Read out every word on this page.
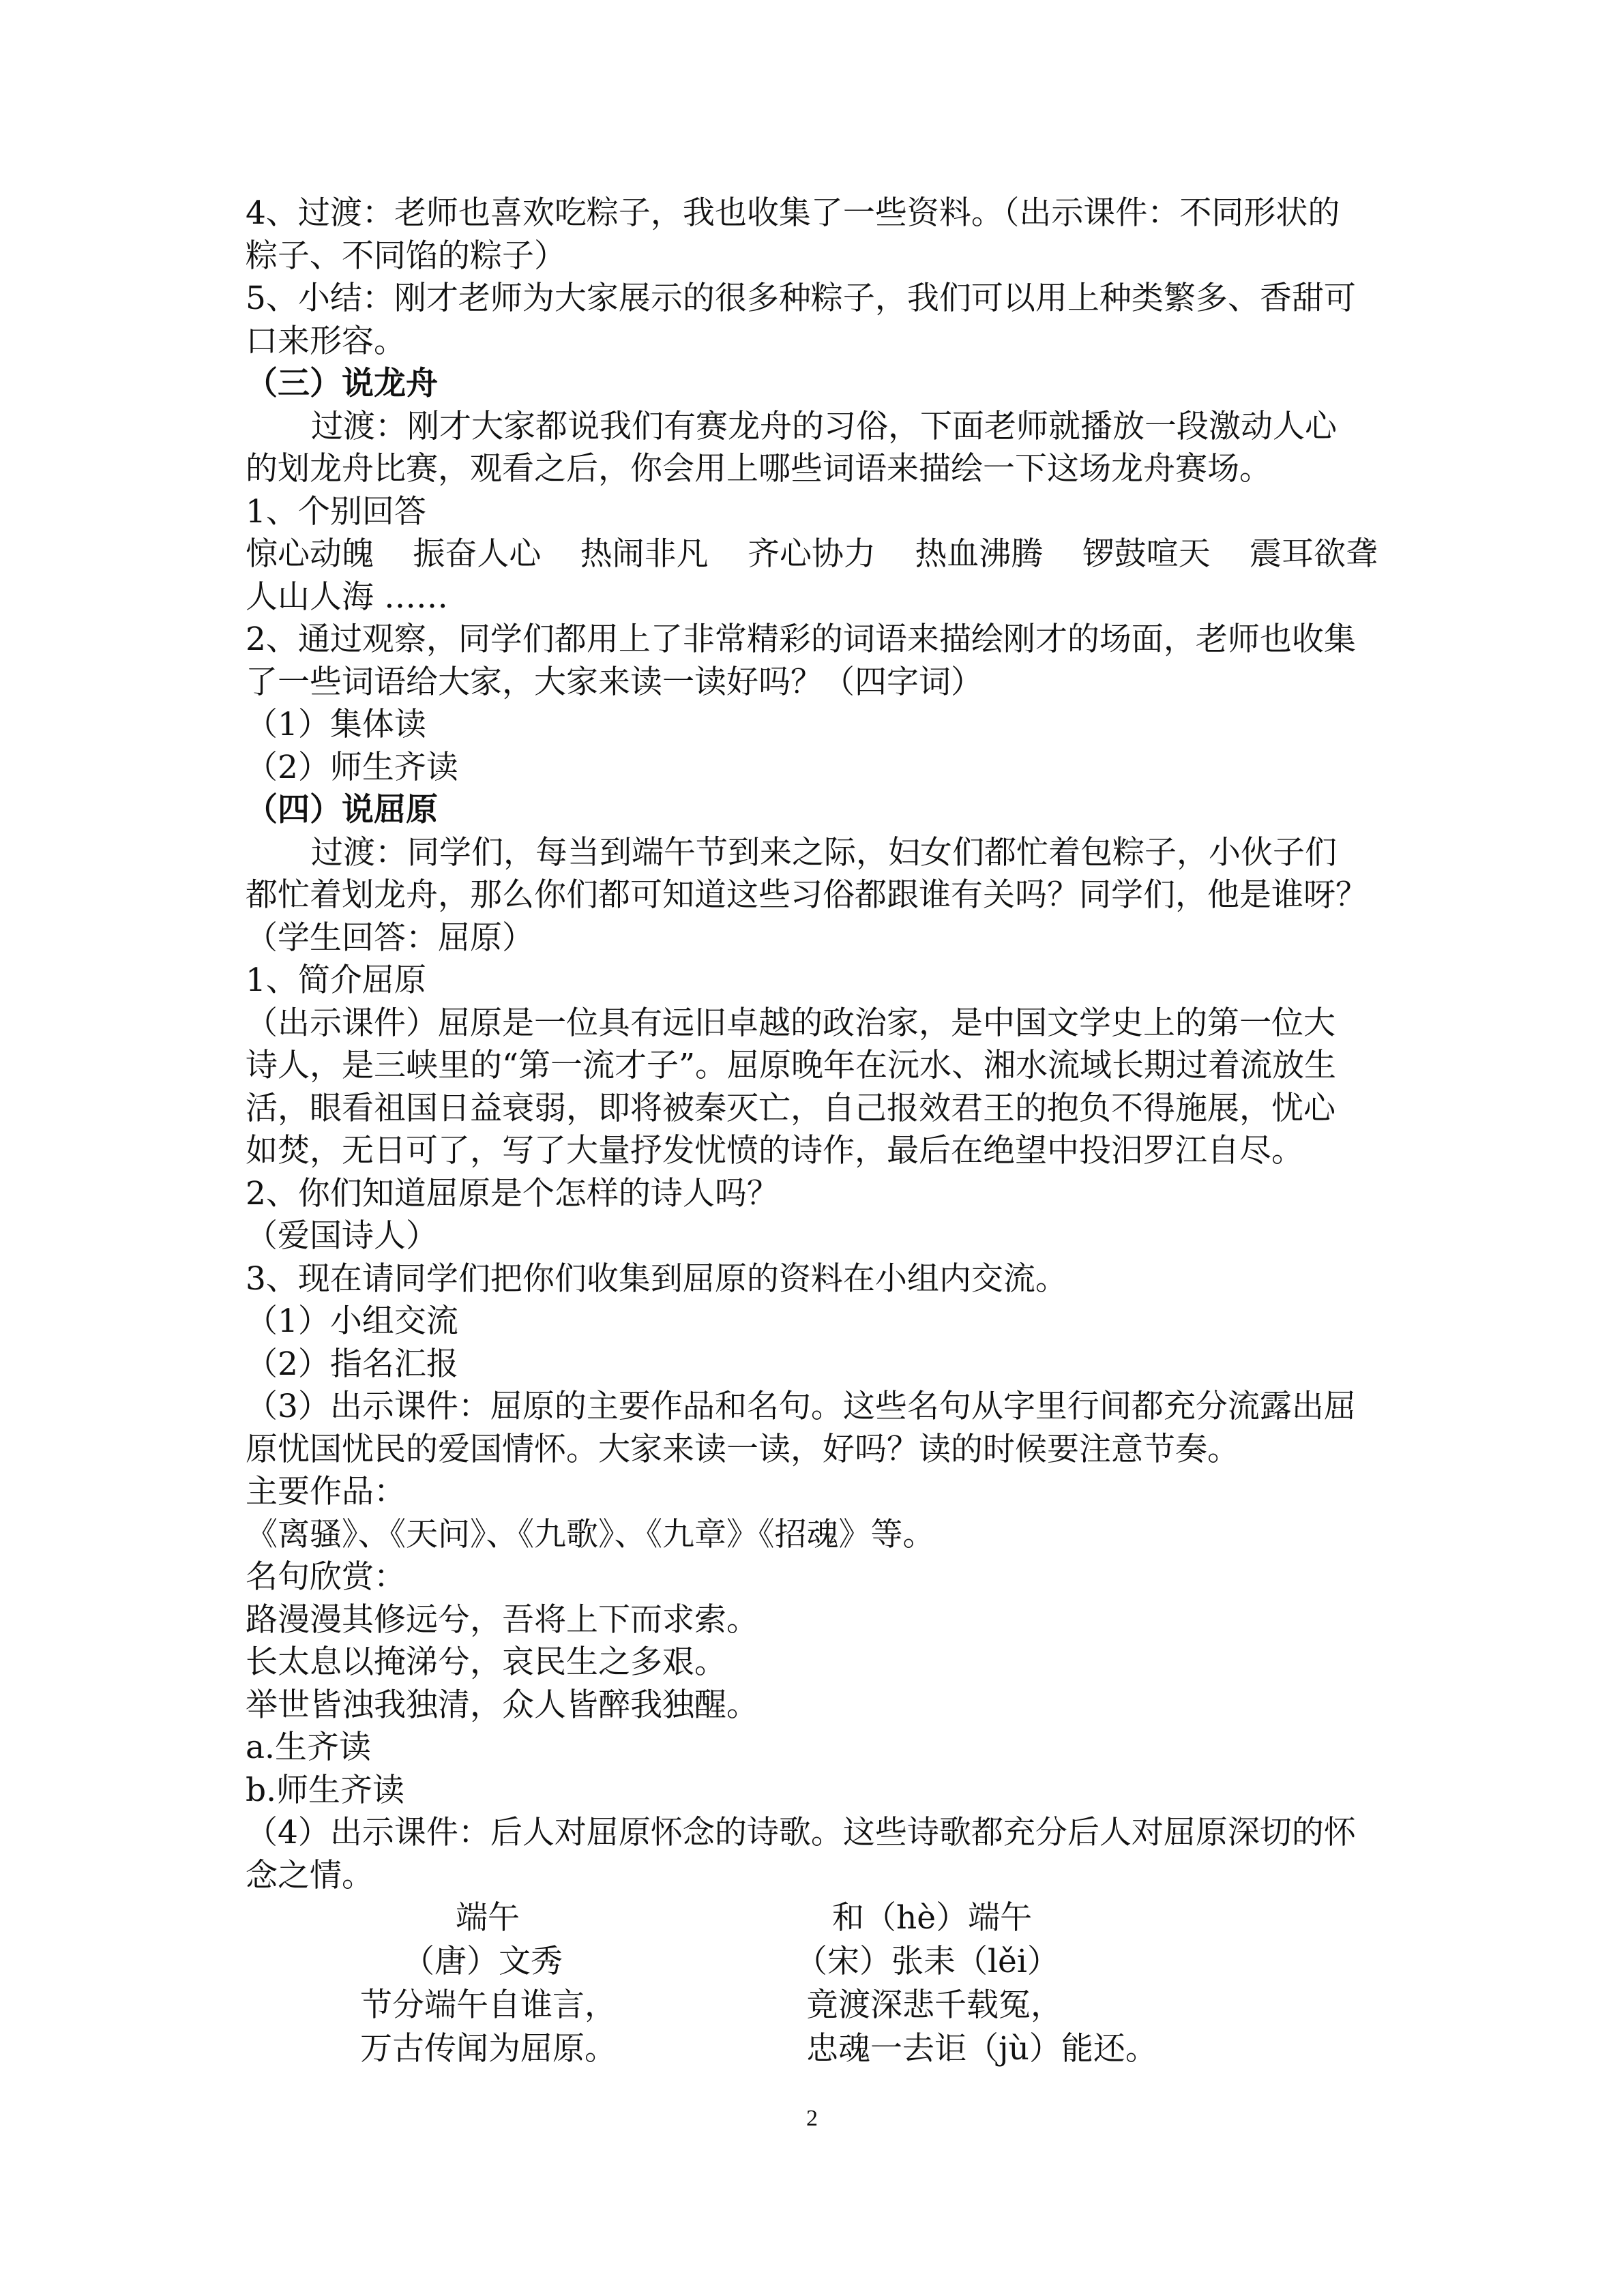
4、过渡：老师也喜欢吃粽子，我也收集了一些资料。（出示课件：不同形状的
粽子、不同馅的粽子）
5、小结：刚才老师为大家展示的很多种粽子，我们可以用上种类繁多、香甜可
口来形容。
（三）说龙舟
过渡：刚才大家都说我们有赛龙舟的习俗，下面老师就播放一段激动人心
的划龙舟比赛，观看之后，你会用上哪些词语来描绘一下这场龙舟赛场。
1、个别回答
惊心动魄 振奋人心 热闹非凡 齐心协力 热血沸腾 锣鼓喧天 震耳欲聋
人山人海 ……
2、通过观察，同学们都用上了非常精彩的词语来描绘刚才的场面，老师也收集
了一些词语给大家，大家来读一读好吗？（四字词）
（1）集体读
（2）师生齐读
（四）说屈原
过渡：同学们，每当到端午节到来之际，妇女们都忙着包粽子，小伙子们
都忙着划龙舟，那么你们都可知道这些习俗都跟谁有关吗？同学们，他是谁呀？
（学生回答：屈原）
1、简介屈原
（出示课件）屈原是一位具有远旧卓越的政治家，是中国文学史上的第一位大
诗人，是三峡里的“第一流才子”。屈原晚年在沅水、湘水流域长期过着流放生
活，眼看祖国日益衰弱，即将被秦灭亡，自己报效君王的抱负不得施展，忧心
如焚，无日可了，写了大量抒发忧愤的诗作，最后在绝望中投汨罗江自尽。
2、你们知道屈原是个怎样的诗人吗？
（爱国诗人）
3、现在请同学们把你们收集到屈原的资料在小组内交流。
（1）小组交流
（2）指名汇报
（3）出示课件：屈原的主要作品和名句。这些名句从字里行间都充分流露出屈
原忧国忧民的爱国情怀。大家来读一读，好吗？读的时候要注意节奏。
主要作品：
《离骚》、《天问》、《九歌》、《九章》《招魂》等。
名句欣赏：
路漫漫其修远兮，吾将上下而求索。
长太息以掩涕兮，哀民生之多艰。
举世皆浊我独清，众人皆醉我独醒。
a.生齐读
b.师生齐读
（4）出示课件：后人对屈原怀念的诗歌。这些诗歌都充分后人对屈原深切的怀
念之情。
端午
（唐）文秀
节分端午自谁言，
万古传闻为屈原。
和（hè）端午
（宋）张耒（lěi）
竟渡深悲千载冤，
忠魂一去讵（jù）能还。
2
